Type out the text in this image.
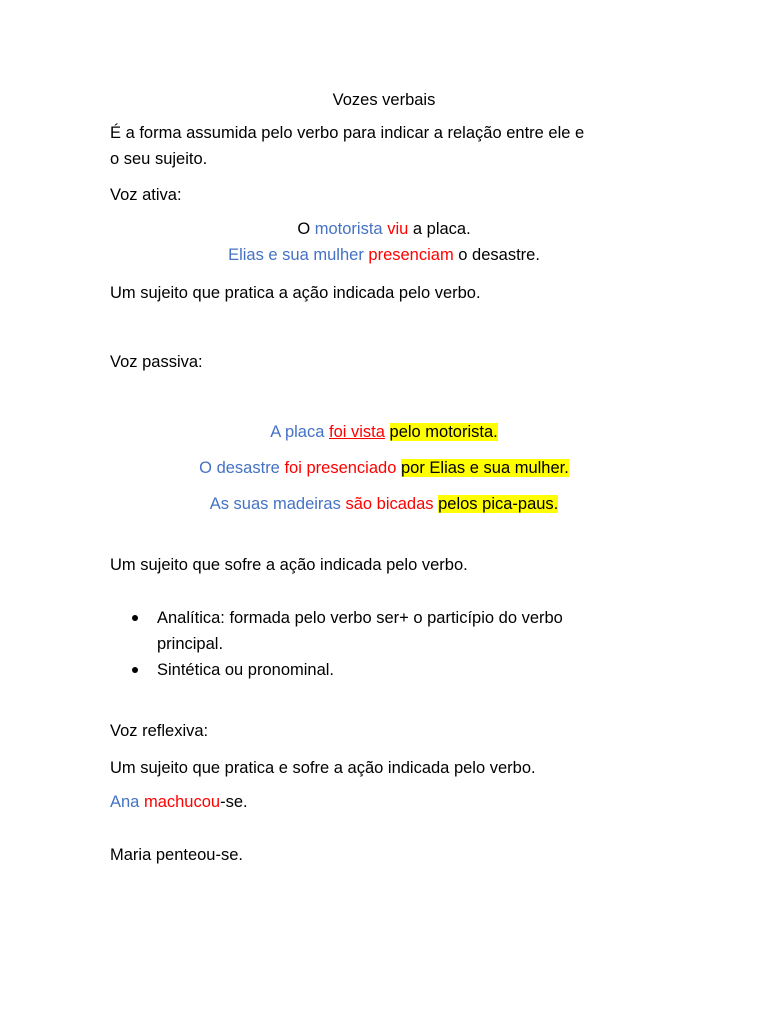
Vozes verbais
É a forma assumida pelo verbo para indicar a relação entre ele e
o seu sujeito.
Voz ativa:
O motorista viu a placa.
Elias e sua mulher presenciam o desastre.
Um sujeito que pratica a ação indicada pelo verbo.
Voz passiva:
A placa foi vista pelo motorista.
O desastre foi presenciado por Elias e sua mulher.
As suas madeiras são bicadas pelos pica-paus.
Um sujeito que sofre a ação indicada pelo verbo.
Analítica: formada pelo verbo ser+ o particípio do verbo
principal.
Sintética ou pronominal.
Voz reflexiva:
Um sujeito que pratica e sofre a ação indicada pelo verbo.
Ana machucou-se.
Maria penteou-se.
